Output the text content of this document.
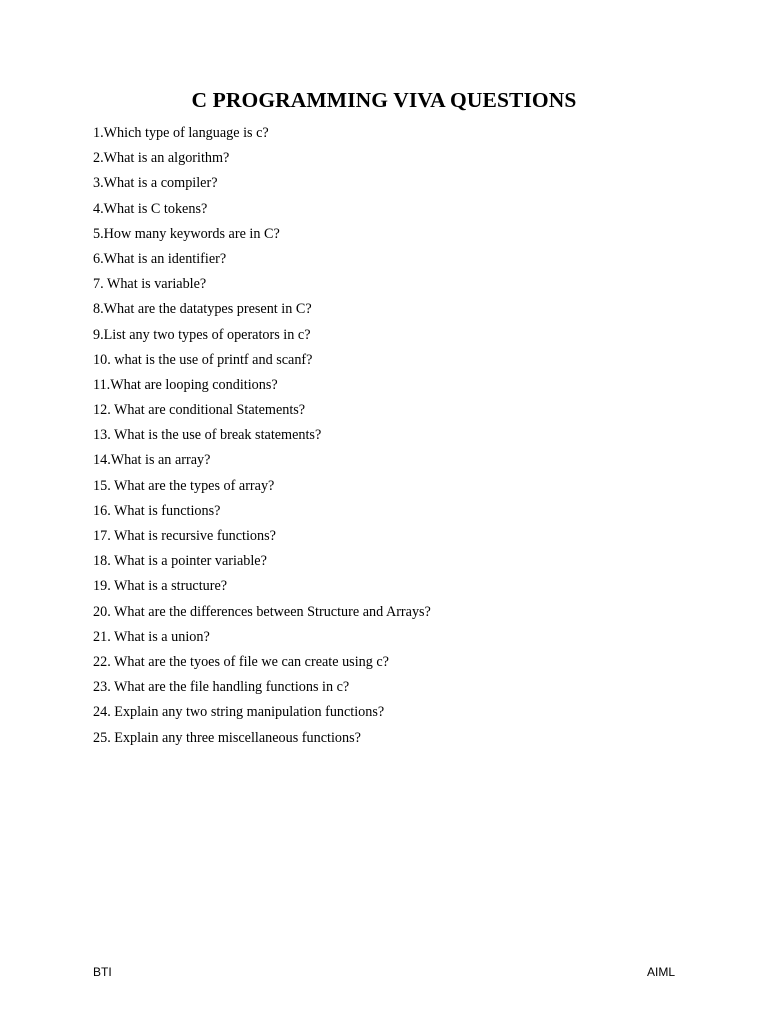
C PROGRAMMING VIVA QUESTIONS
1.Which type of language is c?
2.What is an algorithm?
3.What is a compiler?
4.What is C tokens?
5.How many keywords are in C?
6.What is an identifier?
7. What is variable?
8.What are the datatypes present in C?
9.List any two types of operators in c?
10. what is the use of printf and scanf?
11.What are looping conditions?
12. What are conditional Statements?
13. What is the use of break statements?
14.What is an array?
15. What are the types of array?
16. What is functions?
17. What is recursive functions?
18. What is a pointer variable?
19. What is a structure?
20. What are the differences between Structure and Arrays?
21. What is a union?
22. What are the tyoes of file we can create using c?
23. What are the file handling functions in c?
24. Explain any two string manipulation functions?
25. Explain any three miscellaneous functions?
BTI	AIML
